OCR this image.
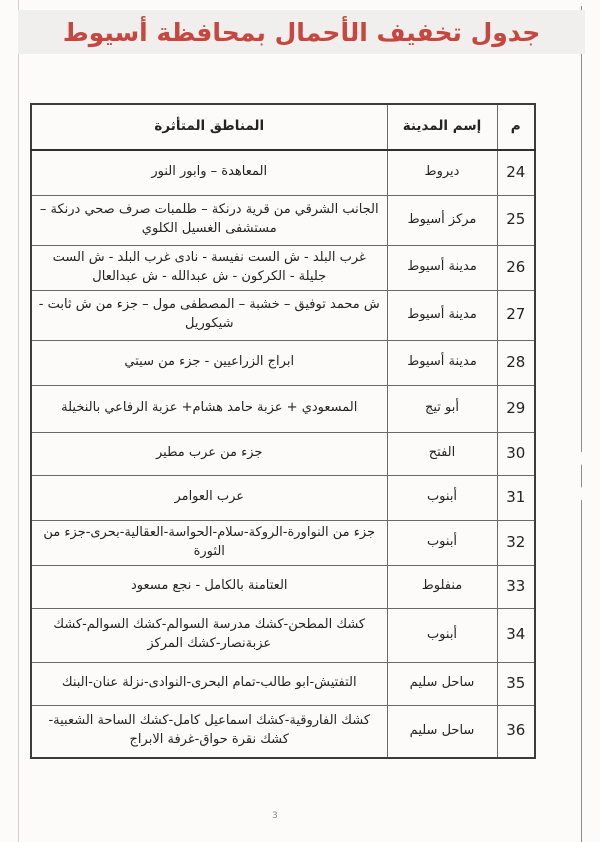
جدول تخفيف الأحمال بمحافظة أسيوط
م	إسم المدينة	المناطق المتأثرة
24	ديروط	المعاهدة – وابور النور
25	مركز أسيوط	الجانب الشرقي من قرية درنكة – طلمبات صرف صحي درنكة –مستشفى الغسيل الكلوي
26	مدينة أسيوط	غرب البلد - ش الست نفيسة - نادى غرب البلد - ش الست جليلة - الكركون - ش عبدالله - ش عبدالعال
27	مدينة أسيوط	ش محمد توفيق – خشبة – المصطفى مول – جزء من ش ثابت - شيكوريل
28	مدينة أسيوط	ابراج الزراعيين - جزء من سيتي
29	أبو تيج	المسعودي + عزبة حامد هشام+ عزبة الرفاعي بالنخيلة
30	الفتح	جزء من عرب مطير
31	أبنوب	عرب العوامر
32	أبنوب	جزء من النواورة-الروكة-سلام-الحواسة-العقالية-بحرى-جزء من الثورة
33	منفلوط	العتامنة بالكامل - نجع مسعود
34	أبنوب	كشك المطحن-كشك مدرسة السوالم-كشك السوالم-كشك عزبةنصار-كشك المركز
35	ساحل سليم	التفتيش-ابو طالب-تمام البحرى-النوادى-نزلة عنان-البنك
36	ساحل سليم	كشك الفاروقية-كشك اسماعيل كامل-كشك الساحة الشعبية-كشك نقرة حواق-غرفة الابراج
3
